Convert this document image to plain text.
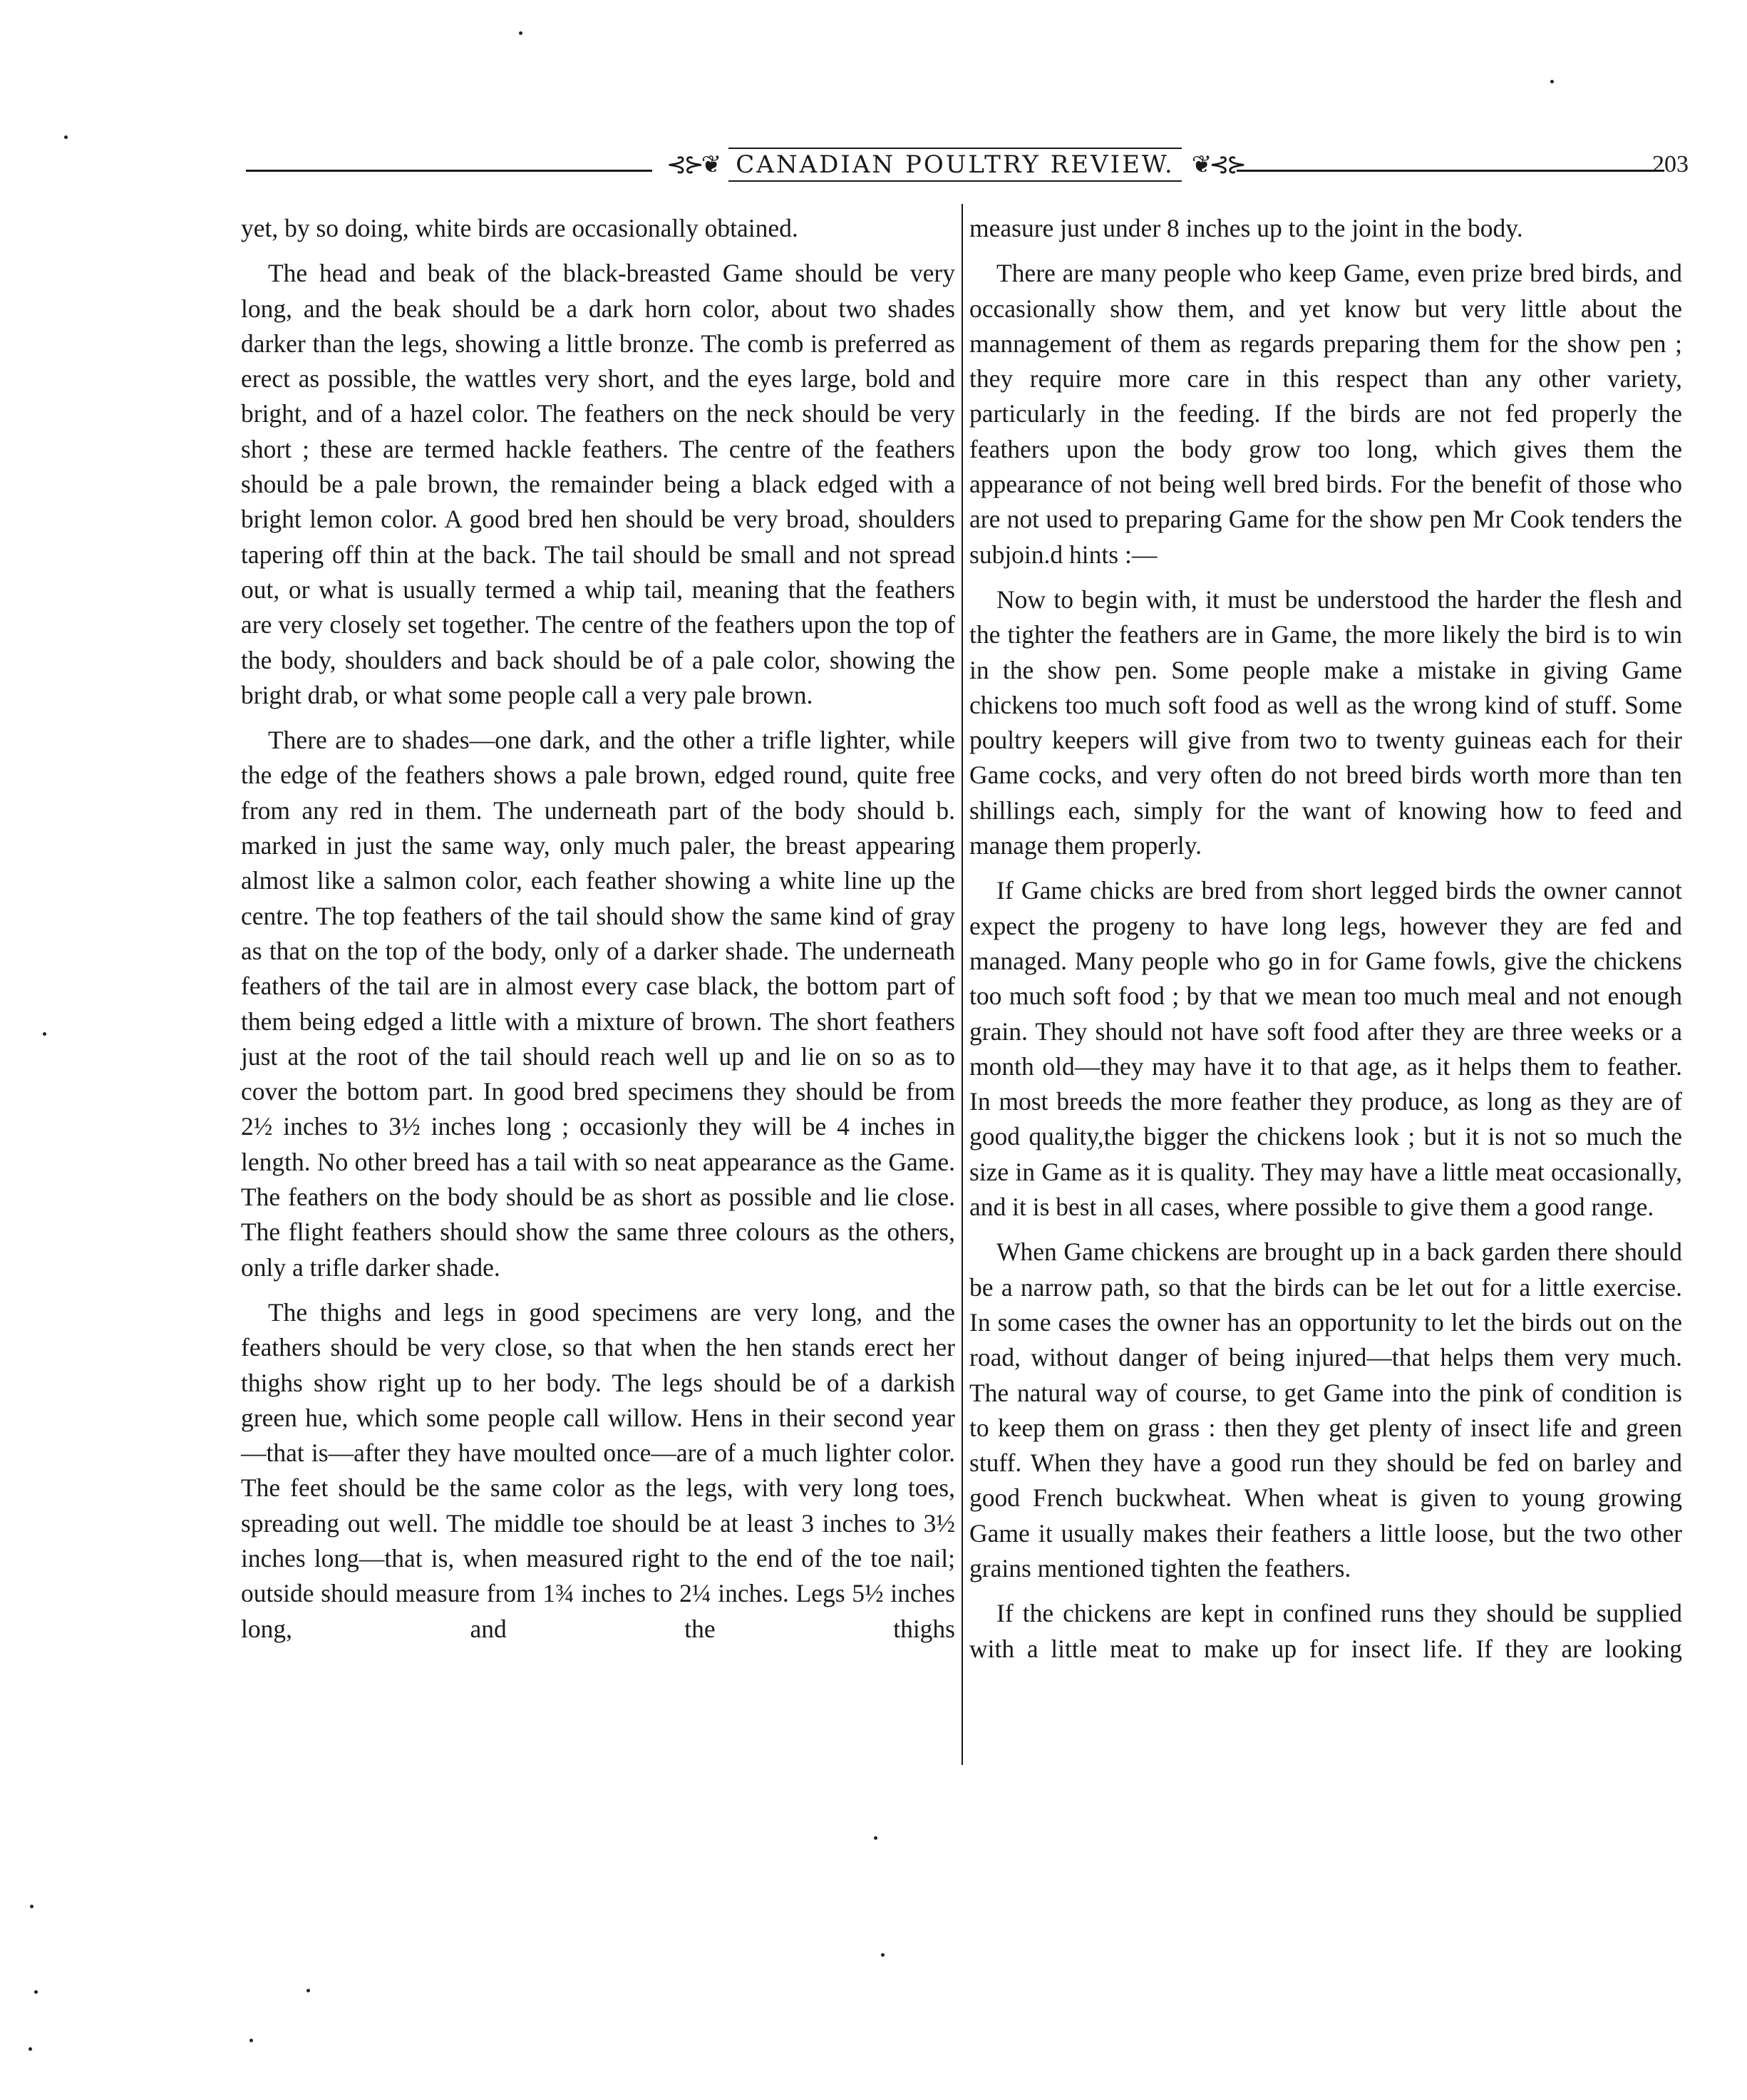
⊰⊱❦ CANADIAN POULTRY REVIEW. ❦⊰⊱	203

yet, by so doing, white birds are occasionally obtained.

The head and beak of the black-breasted Game should be very long, and the beak should be a dark horn color, about two shades darker than the legs, showing a little bronze. The comb is preferred as erect as possible, the wattles very short, and the eyes large, bold and bright, and of a hazel color. The feathers on the neck should be very short ; these are termed hackle feathers. The centre of the feathers should be a pale brown, the remainder being a black edged with a bright lemon color. A good bred hen should be very broad, shoulders tapering off thin at the back. The tail should be small and not spread out, or what is usually termed a whip tail, meaning that the feathers are very closely set together. The centre of the feathers upon the top of the body, shoulders and back should be of a pale color, showing the bright drab, or what some people call a very pale brown.

There are to shades—one dark, and the other a trifle lighter, while the edge of the feathers shows a pale brown, edged round, quite free from any red in them. The underneath part of the body should b. marked in just the same way, only much paler, the breast appearing almost like a salmon color, each feather showing a white line up the centre. The top feathers of the tail should show the same kind of gray as that on the top of the body, only of a darker shade. The underneath feathers of the tail are in almost every case black, the bottom part of them being edged a little with a mixture of brown. The short feathers just at the root of the tail should reach well up and lie on so as to cover the bottom part. In good bred specimens they should be from 2½ inches to 3½ inches long ; occasionly they will be 4 inches in length. No other breed has a tail with so neat appearance as the Game. The feathers on the body should be as short as possible and lie close. The flight feathers should show the same three colours as the others, only a trifle darker shade.

The thighs and legs in good specimens are very long, and the feathers should be very close, so that when the hen stands erect her thighs show right up to her body. The legs should be of a darkish green hue, which some people call willow. Hens in their second year—that is—after they have moulted once—are of a much lighter color. The feet should be the same color as the legs, with very long toes, spreading out well. The middle toe should be at least 3 inches to 3½ inches long—that is, when measured right to the end of the toe nail; outside should measure from 1¾ inches to 2¼ inches. Legs 5½ inches long, and the thighs

measure just under 8 inches up to the joint in the body.

There are many people who keep Game, even prize bred birds, and occasionally show them, and yet know but very little about the mannagement of them as regards preparing them for the show pen ; they require more care in this respect than any other variety, particularly in the feeding. If the birds are not fed properly the feathers upon the body grow too long, which gives them the appearance of not being well bred birds. For the benefit of those who are not used to preparing Game for the show pen Mr Cook tenders the subjoin.d hints :—

Now to begin with, it must be understood the harder the flesh and the tighter the feathers are in Game, the more likely the bird is to win in the show pen. Some people make a mistake in giving Game chickens too much soft food as well as the wrong kind of stuff. Some poultry keepers will give from two to twenty guineas each for their Game cocks, and very often do not breed birds worth more than ten shillings each, simply for the want of knowing how to feed and manage them properly.

If Game chicks are bred from short legged birds the owner cannot expect the progeny to have long legs, however they are fed and managed. Many people who go in for Game fowls, give the chickens too much soft food ; by that we mean too much meal and not enough grain. They should not have soft food after they are three weeks or a month old—they may have it to that age, as it helps them to feather. In most breeds the more feather they produce, as long as they are of good quality,the bigger the chickens look ; but it is not so much the size in Game as it is quality. They may have a little meat occasionally, and it is best in all cases, where possible to give them a good range.

When Game chickens are brought up in a back garden there should be a narrow path, so that the birds can be let out for a little exercise. In some cases the owner has an opportunity to let the birds out on the road, without danger of being injured—that helps them very much. The natural way of course, to get Game into the pink of condition is to keep them on grass : then they get plenty of insect life and green stuff. When they have a good run they should be fed on barley and good French buckwheat. When wheat is given to young growing Game it usually makes their feathers a little loose, but the two other grains mentioned tighten the feathers.

If the chickens are kept in confined runs they should be supplied with a little meat to make up for insect life. If they are looking
